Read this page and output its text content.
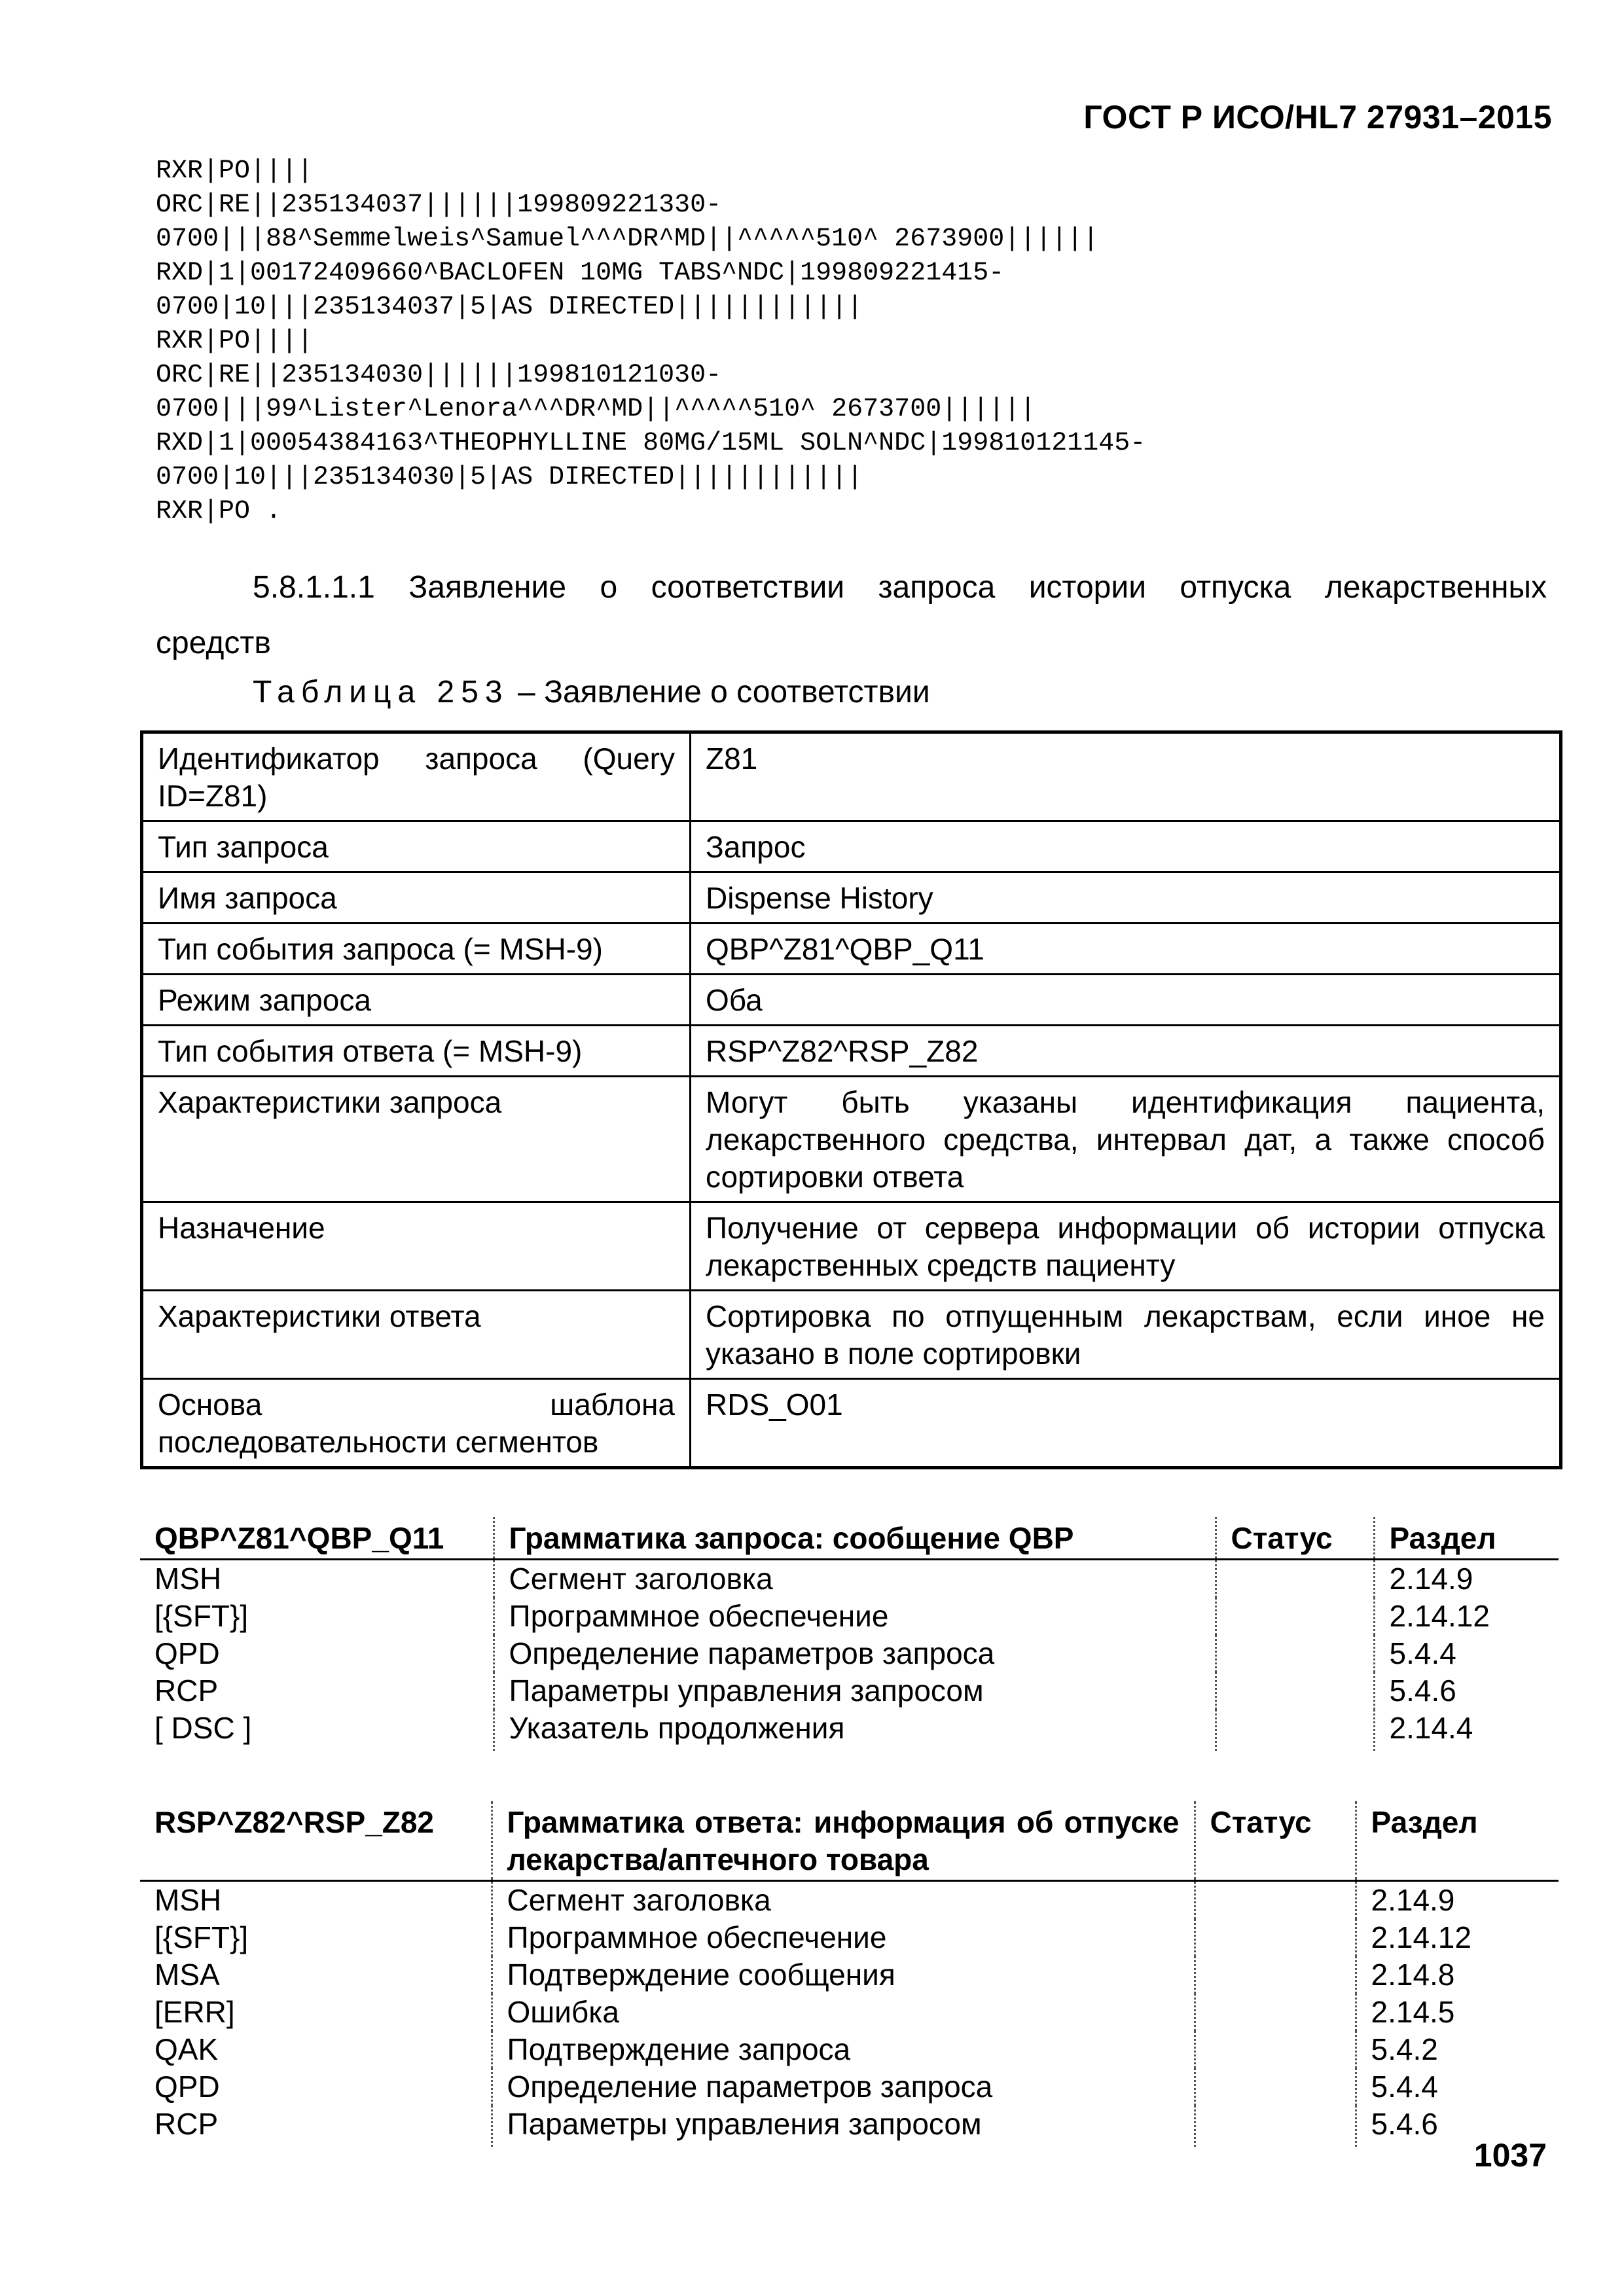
ГОСТ Р ИСО/HL7 27931–2015
RXR|PO||||
ORC|RE||235134037||||||199809221330-
0700|||88^Semmelweis^Samuel^^^DR^MD||^^^^^510^ 2673900||||||
RXD|1|00172409660^BACLOFEN 10MG TABS^NDC|199809221415-
0700|10|||235134037|5|AS DIRECTED||||||||||||
RXR|PO||||
ORC|RE||235134030||||||199810121030-
0700|||99^Lister^Lenora^^^DR^MD||^^^^^510^ 2673700||||||
RXD|1|00054384163^THEOPHYLLINE 80MG/15ML SOLN^NDC|199810121145-
0700|10|||235134030|5|AS DIRECTED||||||||||||
RXR|PO .
5.8.1.1.1 Заявление о соответствии запроса истории отпуска лекарственных
средств
Таблица 253 – Заявление о соответствии
Идентификатор запроса (Query ID=Z81)	Z81
Тип запроса	Запрос
Имя запроса	Dispense History
Тип события запроса (= MSH-9)	QBP^Z81^QBP_Q11
Режим запроса	Оба
Тип события ответа (= MSH-9)	RSP^Z82^RSP_Z82
Характеристики запроса	Могут быть указаны идентификация пациента, лекарственного средства, интервал дат, а также способ сортировки ответа
Назначение	Получение от сервера информации об истории отпуска лекарственных средств пациенту
Характеристики ответа	Сортировка по отпущенным лекарствам, если иное не указано в поле сортировки
Основа шаблона последовательности сегментов	RDS_O01
QBP^Z81^QBP_Q11	Грамматика запроса: сообщение QBP	Статус	Раздел
MSH	Сегмент заголовка		2.14.9
[{SFT}]	Программное обеспечение		2.14.12
QPD	Определение параметров запроса		5.4.4
RCP	Параметры управления запросом		5.4.6
[ DSC ]	Указатель продолжения		2.14.4
RSP^Z82^RSP_Z82	Грамматика ответа: информация об отпуске лекарства/аптечного товара	Статус	Раздел
MSH	Сегмент заголовка		2.14.9
[{SFT}]	Программное обеспечение		2.14.12
MSA	Подтверждение сообщения		2.14.8
[ERR]	Ошибка		2.14.5
QAK	Подтверждение запроса		5.4.2
QPD	Определение параметров запроса		5.4.4
RCP	Параметры управления запросом		5.4.6
1037
